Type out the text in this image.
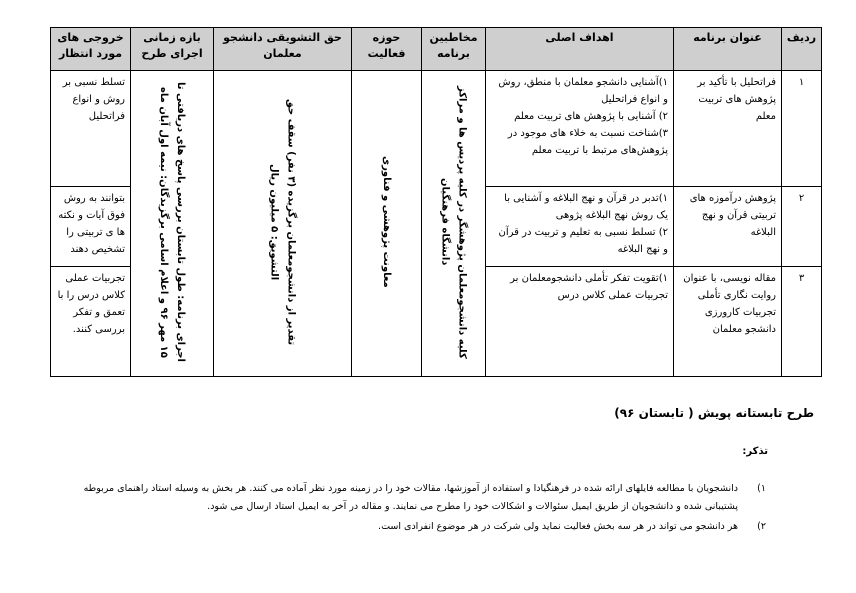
ردیف	عنوان برنامه	اهداف اصلی	مخاطبین برنامه	حوزه فعالیت	حق التشویقی دانشجو معلمان	بازه زمانی اجرای طرح	خروجی های مورد انتظار
۱	فراتحلیل با تأکید بر پژوهش های تربیت معلم	۱)آشنایی دانشجو معلمان با منطق، روش و انواع فراتحلیل
۲) آشنایی با پژوهش های تربیت معلم
۳)شناخت نسبت به خلاء های موجود در پژوهش‌های مرتبط با تربیت معلم	کلیه دانشجومعلمان پژوهشگر در کلیه پردیس ها و مراکز دانشگاه فرهنگیان	معاونت پژوهشی و فناوری	تقدیر از دانشجومعلمان برگزیده (۳ نفر) سقف حق التشویق: ۵ میلیون ریال	اجرای برنامه: طول تابستان بررسی پاسخ های دریافتی تا ۱۵ مهر ۹۶ و اعلام اسامی برگزیدگان: نیمه اول آبان ماه	تسلط نسبی بر روش و انواع فراتحلیل
۲	پژوهش درآموزه های تربیتی قرآن و نهج البلاغه	۱)تدبر در قرآن و نهج البلاغه و آشنایی با یک روش نهج البلاغه پژوهی
۲) تسلط نسبی به تعلیم و تربیت در قرآن و نهج البلاغه					بتوانند به روش فوق آیات و نکته ها ی تربیتی را تشخیص دهند
۳	مقاله نویسی، با عنوان روایت نگاری تأملی تجربیات کارورزی دانشجو معلمان	۱)تقویت تفکر تأملی دانشجومعلمان بر تجربیات عملی کلاس درس					تجربیات عملی کلاس درس را با تعمق و تفکر بررسی کنند.
طرح تابستانه پویش ( تابستان ۹۶)
تذکر:
۱)
دانشجویان با مطالعه فایلهای ارائه شده در فرهنگیادا و استفاده از آموزشها، مقالات خود را در زمینه مورد نظر آماده می کنند. هر بخش به وسیله استاد راهنمای مربوطه پشتیبانی شده و دانشجویان از طریق ایمیل سئوالات و اشکالات خود را مطرح می نمایند. و مقاله در آخر به ایمیل استاد ارسال می شود.
۲)
هر دانشجو می تواند در هر سه بخش فعالیت نماید ولی شرکت در هر موضوع انفرادی است.
